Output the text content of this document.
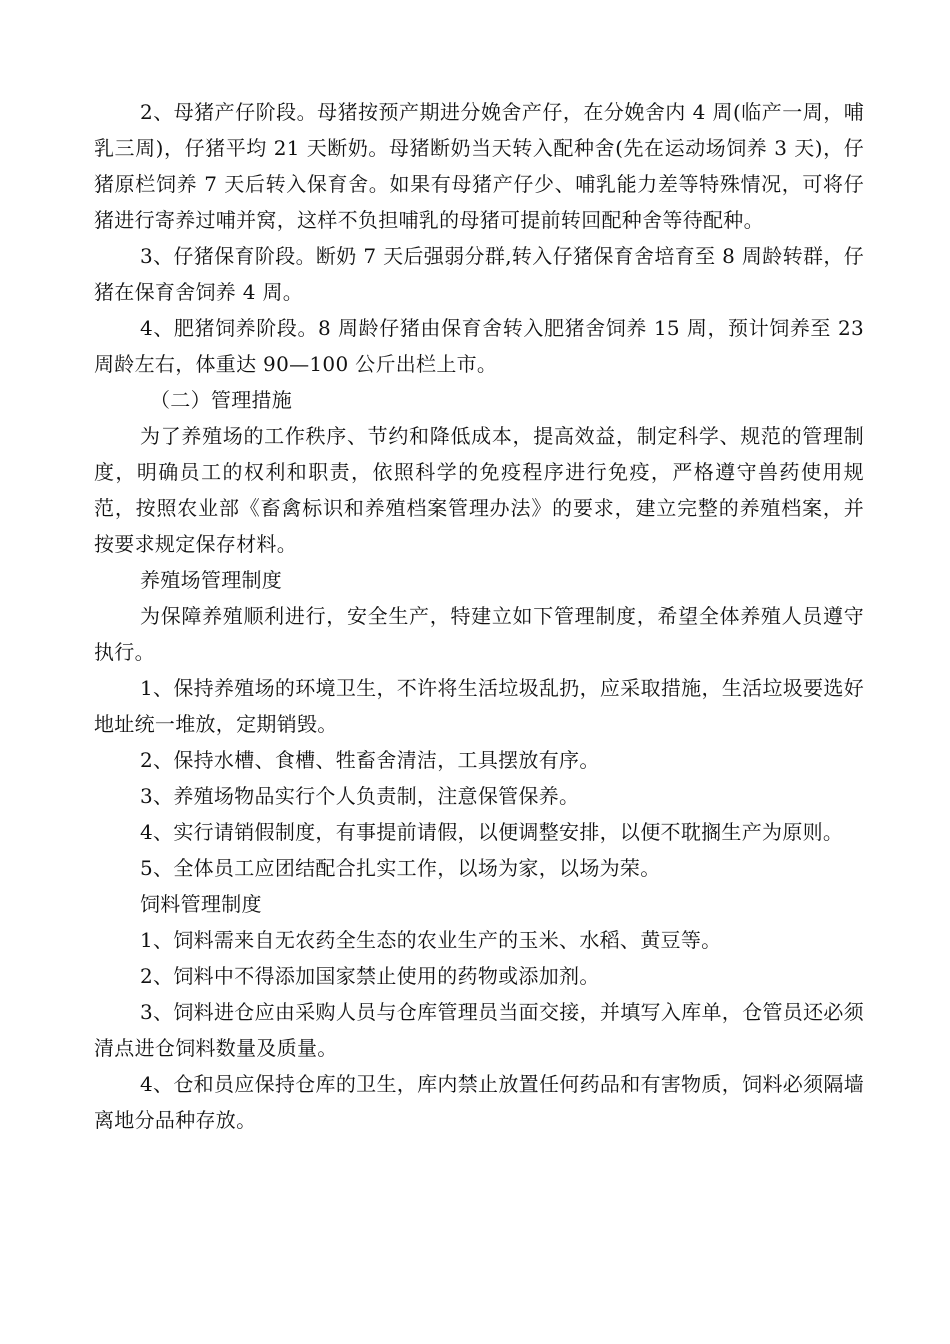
2、母猪产仔阶段。母猪按预产期进分娩舍产仔，在分娩舍内 4 周(临产一周，哺乳三周)，仔猪平均 21 天断奶。母猪断奶当天转入配种舍(先在运动场饲养 3 天)，仔猪原栏饲养 7 天后转入保育舍。如果有母猪产仔少、哺乳能力差等特殊情况，可将仔猪进行寄养过哺并窝，这样不负担哺乳的母猪可提前转回配种舍等待配种。

3、仔猪保育阶段。断奶 7 天后强弱分群,转入仔猪保育舍培育至 8 周龄转群，仔猪在保育舍饲养 4 周。

4、肥猪饲养阶段。8 周龄仔猪由保育舍转入肥猪舍饲养 15 周，预计饲养至 23 周龄左右，体重达 90—100 公斤出栏上市。

（二）管理措施

为了养殖场的工作秩序、节约和降低成本，提高效益，制定科学、规范的管理制度，明确员工的权利和职责，依照科学的免疫程序进行免疫，严格遵守兽药使用规范，按照农业部《畜禽标识和养殖档案管理办法》的要求，建立完整的养殖档案，并按要求规定保存材料。

养殖场管理制度

为保障养殖顺利进行，安全生产，特建立如下管理制度，希望全体养殖人员遵守执行。

1、保持养殖场的环境卫生，不许将生活垃圾乱扔，应采取措施，生活垃圾要选好地址统一堆放，定期销毁。

2、保持水槽、食槽、牲畜舍清洁，工具摆放有序。

3、养殖场物品实行个人负责制，注意保管保养。

4、实行请销假制度，有事提前请假，以便调整安排，以便不耽搁生产为原则。

5、全体员工应团结配合扎实工作，以场为家，以场为荣。

饲料管理制度

1、饲料需来自无农药全生态的农业生产的玉米、水稻、黄豆等。

2、饲料中不得添加国家禁止使用的药物或添加剂。

3、饲料进仓应由采购人员与仓库管理员当面交接，并填写入库单，仓管员还必须清点进仓饲料数量及质量。

4、仓和员应保持仓库的卫生，库内禁止放置任何药品和有害物质，饲料必须隔墙离地分品种存放。
